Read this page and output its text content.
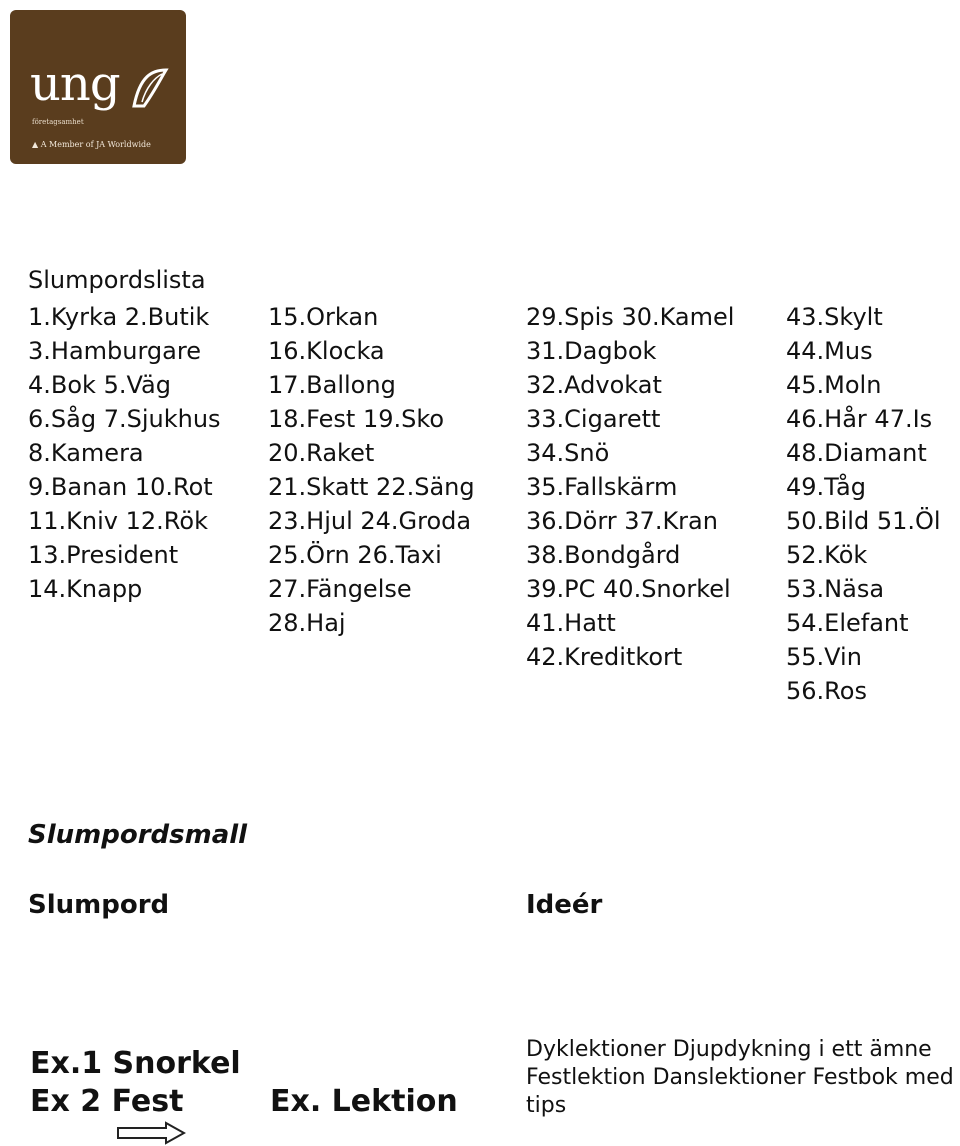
ung
företagsamhet
▲ A Member of JA Worldwide
Slumpordslista
1.Kyrka 2.Butik
3.Hamburgare
4.Bok 5.Väg
6.Såg 7.Sjukhus
8.Kamera
9.Banan 10.Rot
11.Kniv 12.Rök
13.President
14.Knapp
15.Orkan
16.Klocka
17.Ballong
18.Fest 19.Sko
20.Raket
21.Skatt 22.Säng
23.Hjul 24.Groda
25.Örn 26.Taxi
27.Fängelse
28.Haj
29.Spis 30.Kamel
31.Dagbok
32.Advokat
33.Cigarett
34.Snö
35.Fallskärm
36.Dörr 37.Kran
38.Bondgård
39.PC 40.Snorkel
41.Hatt
42.Kreditkort
43.Skylt
44.Mus
45.Moln
46.Hår 47.Is
48.Diamant
49.Tåg
50.Bild 51.Öl
52.Kök
53.Näsa
54.Elefant
55.Vin
56.Ros
Slumpordsmall
Slumpord	Ideér
Ex.1 Snorkel
Ex 2 Fest	Ex. Lektion
Dyklektioner Djupdykning i ett ämne Festlektion Danslektioner Festbok med tips
